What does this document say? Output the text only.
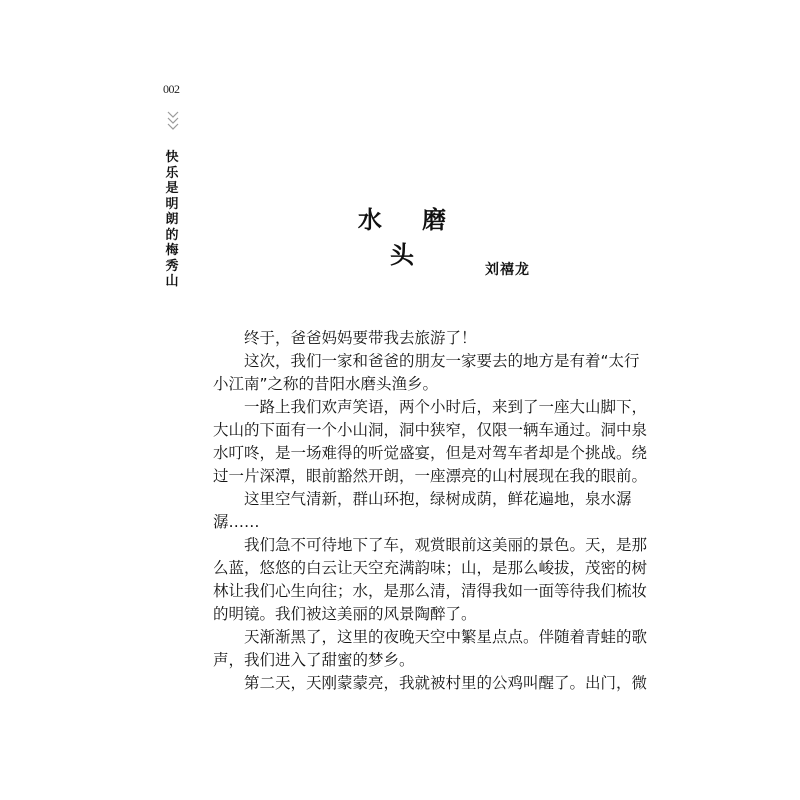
002
快
乐
是
明
朗
的
梅
秀
山
水 磨 头
刘禧龙
终于，爸爸妈妈要带我去旅游了！
这次，我们一家和爸爸的朋友一家要去的地方是有着“太行
小江南”之称的昔阳水磨头渔乡。
一路上我们欢声笑语，两个小时后，来到了一座大山脚下，
大山的下面有一个小山洞，洞中狭窄，仅限一辆车通过。洞中泉
水叮咚，是一场难得的听觉盛宴，但是对驾车者却是个挑战。绕
过一片深潭，眼前豁然开朗，一座漂亮的山村展现在我的眼前。
这里空气清新，群山环抱，绿树成荫，鲜花遍地，泉水潺
潺……
我们急不可待地下了车，观赏眼前这美丽的景色。天，是那
么蓝，悠悠的白云让天空充满韵味；山，是那么峻拔，茂密的树
林让我们心生向往；水，是那么清，清得我如一面等待我们梳妆
的明镜。我们被这美丽的风景陶醉了。
天渐渐黑了，这里的夜晚天空中繁星点点。伴随着青蛙的歌
声，我们进入了甜蜜的梦乡。
第二天，天刚蒙蒙亮，我就被村里的公鸡叫醒了。出门，微
